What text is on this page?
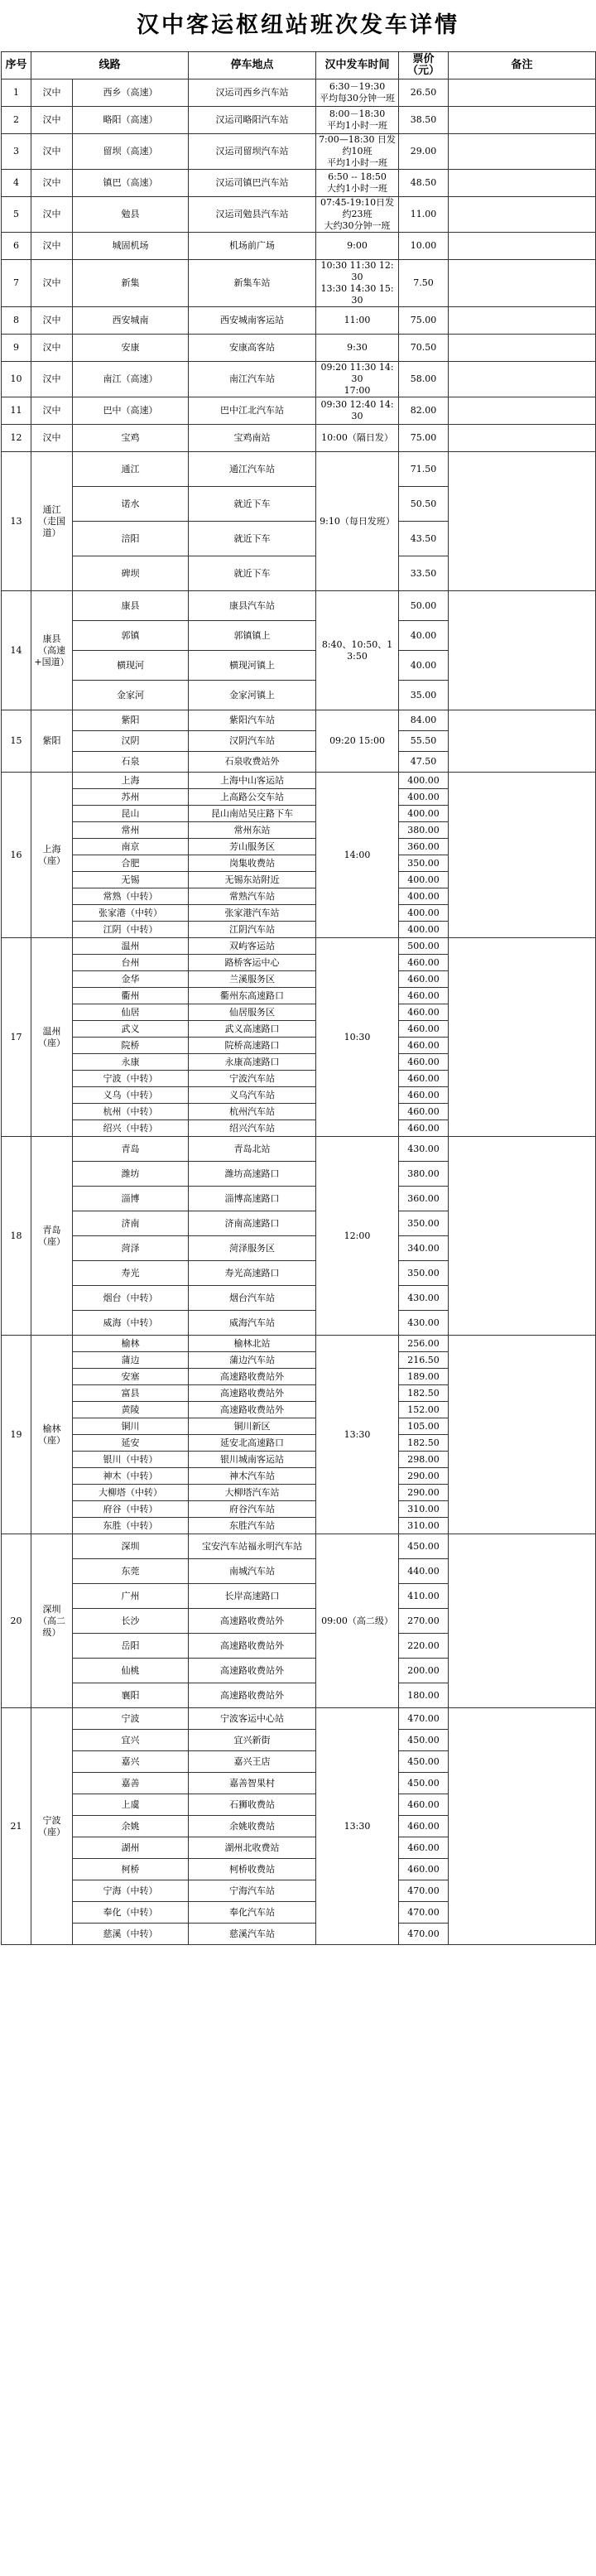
汉中客运枢纽站班次发车详情
序号	线路		停车地点	汉中发车时间	票价
（元）	备注
1	汉中	西乡（高速）	汉运司西乡汽车站	6:30－19:30
平均每30分钟一班	26.50	
2	汉中	略阳（高速）	汉运司略阳汽车站	8:00－18:30
平均1小时一班	38.50	
3	汉中	留坝（高速）	汉运司留坝汽车站	7:00—18:30 日发约10班
平均1小时一班	29.00	
4	汉中	镇巴（高速）	汉运司镇巴汽车站	6:50 -- 18:50
大约1小时一班	48.50	
5	汉中	勉县	汉运司勉县汽车站	07:45-19:10日发约23班
大约30分钟一班	11.00	
6	汉中	城固机场	机场前广场	9:00	10.00	
7	汉中	新集	新集车站	10:30 11:30 12:30
13:30 14:30 15:30	7.50	
8	汉中	西安城南	西安城南客运站	11:00	75.00	
9	汉中	安康	安康高客站	9:30	70.50	
10	汉中	南江（高速）	南江汽车站	09:20 11:30 14:30
17:00	58.00	
11	汉中	巴中（高速）	巴中江北汽车站	09:30 12:40 14:30	82.00	
12	汉中	宝鸡	宝鸡南站	10:00（隔日发）	75.00	
13	通江
（走国道）	通江	通江汽车站	9:10（每日发班）	71.50	
		诺水	就近下车		50.50	
		涪阳	就近下车		43.50	
		碑坝	就近下车		33.50	
14	康县
（高速+国道）	康县	康县汽车站	8:40、10:50、13:50	50.00	
		郭镇	郭镇镇上		40.00	
		横现河	横现河镇上		40.00	
		金家河	金家河镇上		35.00	
15	紫阳	紫阳	紫阳汽车站	09:20 15:00	84.00	
		汉阴	汉阴汽车站		55.50	
		石泉	石泉收费站外		47.50	
16	上海
（座）	上海	上海中山客运站	14:00	400.00	
		苏州	上高路公交车站		400.00	
		昆山	昆山南站吴庄路下车		400.00	
		常州	常州东站		380.00	
		南京	芳山服务区		360.00	
		合肥	岗集收费站		350.00	
		无锡	无锡东站附近		400.00	
		常熟（中转）	常熟汽车站		400.00	
		张家港（中转）	张家港汽车站		400.00	
		江阴（中转）	江阴汽车站		400.00	
17	温州
（座）	温州	双屿客运站	10:30	500.00	
		台州	路桥客运中心		460.00	
		金华	兰溪服务区		460.00	
		衢州	衢州东高速路口		460.00	
		仙居	仙居服务区		460.00	
		武义	武义高速路口		460.00	
		院桥	院桥高速路口		460.00	
		永康	永康高速路口		460.00	
		宁波（中转）	宁波汽车站		460.00	
		义乌（中转）	义乌汽车站		460.00	
		杭州（中转）	杭州汽车站		460.00	
		绍兴（中转）	绍兴汽车站		460.00	
18	青岛
（座）	青岛	青岛北站	12:00	430.00	
		潍坊	潍坊高速路口		380.00	
		淄博	淄博高速路口		360.00	
		济南	济南高速路口		350.00	
		菏泽	菏泽服务区		340.00	
		寿光	寿光高速路口		350.00	
		烟台（中转）	烟台汽车站		430.00	
		威海（中转）	威海汽车站		430.00	
19	榆林
（座）	榆林	榆林北站	13:30	256.00	
		蒲边	蒲边汽车站		216.50	
		安塞	高速路收费站外		189.00	
		富县	高速路收费站外		182.50	
		黄陵	高速路收费站外		152.00	
		铜川	铜川新区		105.00	
		延安	延安北高速路口		182.50	
		银川（中转）	银川城南客运站		298.00	
		神木（中转）	神木汽车站		290.00	
		大柳塔（中转）	大柳塔汽车站		290.00	
		府谷（中转）	府谷汽车站		310.00	
		东胜（中转）	东胜汽车站		310.00	
20	深圳
（高二级）	深圳	宝安汽车站福永明汽车站	09:00（高二级）	450.00	
		东莞	南城汽车站		440.00	
		广州	长岸高速路口		410.00	
		长沙	高速路收费站外		270.00	
		岳阳	高速路收费站外		220.00	
		仙桃	高速路收费站外		200.00	
		襄阳	高速路收费站外		180.00	
21	宁波
（座）	宁波	宁波客运中心站	13:30	470.00	
		宜兴	宜兴新街		450.00	
		嘉兴	嘉兴王店		450.00	
		嘉善	嘉善智果村		450.00	
		上虞	石狮收费站		460.00	
		余姚	余姚收费站		460.00	
		湖州	湖州北收费站		460.00	
		柯桥	柯桥收费站		460.00	
		宁海（中转）	宁海汽车站		470.00	
		奉化（中转）	奉化汽车站		470.00	
		慈溪（中转）	慈溪汽车站		470.00	
